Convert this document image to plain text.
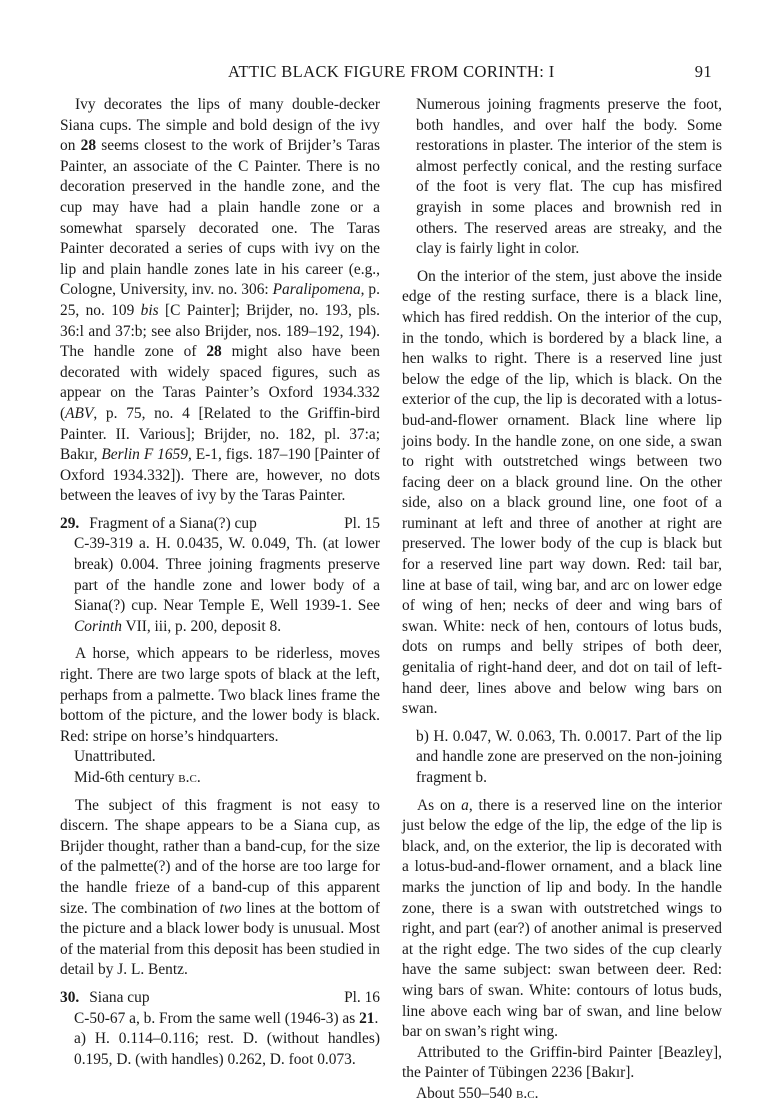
ATTIC BLACK FIGURE FROM CORINTH: I	91

Ivy decorates the lips of many double-decker Siana cups. The simple and bold design of the ivy on 28 seems closest to the work of Brijder’s Taras Painter, an associate of the C Painter. There is no decoration preserved in the handle zone, and the cup may have had a plain handle zone or a somewhat sparsely decorated one. The Taras Painter decorated a series of cups with ivy on the lip and plain handle zones late in his career (e.g., Cologne, University, inv. no. 306: Paralipomena, p. 25, no. 109 bis [C Painter]; Brijder, no. 193, pls. 36:l and 37:b; see also Brijder, nos. 189–192, 194). The handle zone of 28 might also have been decorated with widely spaced figures, such as appear on the Taras Painter’s Oxford 1934.332 (ABV, p. 75, no. 4 [Related to the Griffin-bird Painter. II. Various]; Brijder, no. 182, pl. 37:a; Bakır, Berlin F 1659, E-1, figs. 187–190 [Painter of Oxford 1934.332]). There are, however, no dots between the leaves of ivy by the Taras Painter.

29. Fragment of a Siana(?) cup	Pl. 15

C-39-319 a. H. 0.0435, W. 0.049, Th. (at lower break) 0.004. Three joining fragments preserve part of the handle zone and lower body of a Siana(?) cup. Near Temple E, Well 1939-1. See Corinth VII, iii, p. 200, deposit 8.

A horse, which appears to be riderless, moves right. There are two large spots of black at the left, perhaps from a palmette. Two black lines frame the bottom of the picture, and the lower body is black. Red: stripe on horse’s hindquarters.

Unattributed.

Mid-6th century b.c.

The subject of this fragment is not easy to discern. The shape appears to be a Siana cup, as Brijder thought, rather than a band-cup, for the size of the palmette(?) and of the horse are too large for the handle frieze of a band-cup of this apparent size. The combination of two lines at the bottom of the picture and a black lower body is unusual. Most of the material from this deposit has been studied in detail by J. L. Bentz.

30. Siana cup	Pl. 16

C-50-67 a, b. From the same well (1946-3) as 21.

a) H. 0.114–0.116; rest. D. (without handles) 0.195, D. (with handles) 0.262, D. foot 0.073.

Numerous joining fragments preserve the foot, both handles, and over half the body. Some restorations in plaster. The interior of the stem is almost perfectly conical, and the resting surface of the foot is very flat. The cup has misfired grayish in some places and brownish red in others. The reserved areas are streaky, and the clay is fairly light in color.

On the interior of the stem, just above the inside edge of the resting surface, there is a black line, which has fired reddish. On the interior of the cup, in the tondo, which is bordered by a black line, a hen walks to right. There is a reserved line just below the edge of the lip, which is black. On the exterior of the cup, the lip is decorated with a lotus-bud-and-flower ornament. Black line where lip joins body. In the handle zone, on one side, a swan to right with outstretched wings between two facing deer on a black ground line. On the other side, also on a black ground line, one foot of a ruminant at left and three of another at right are preserved. The lower body of the cup is black but for a reserved line part way down. Red: tail bar, line at base of tail, wing bar, and arc on lower edge of wing of hen; necks of deer and wing bars of swan. White: neck of hen, contours of lotus buds, dots on rumps and belly stripes of both deer, genitalia of right-hand deer, and dot on tail of left-hand deer, lines above and below wing bars on swan.

b) H. 0.047, W. 0.063, Th. 0.0017. Part of the lip and handle zone are preserved on the non-joining fragment b.

As on a, there is a reserved line on the interior just below the edge of the lip, the edge of the lip is black, and, on the exterior, the lip is decorated with a lotus-bud-and-flower ornament, and a black line marks the junction of lip and body. In the handle zone, there is a swan with outstretched wings to right, and part (ear?) of another animal is preserved at the right edge. The two sides of the cup clearly have the same subject: swan between deer. Red: wing bars of swan. White: contours of lotus buds, line above each wing bar of swan, and line below bar on swan’s right wing.

Attributed to the Griffin-bird Painter [Beazley], the Painter of Tübingen 2236 [Bakır].

About 550–540 b.c.
